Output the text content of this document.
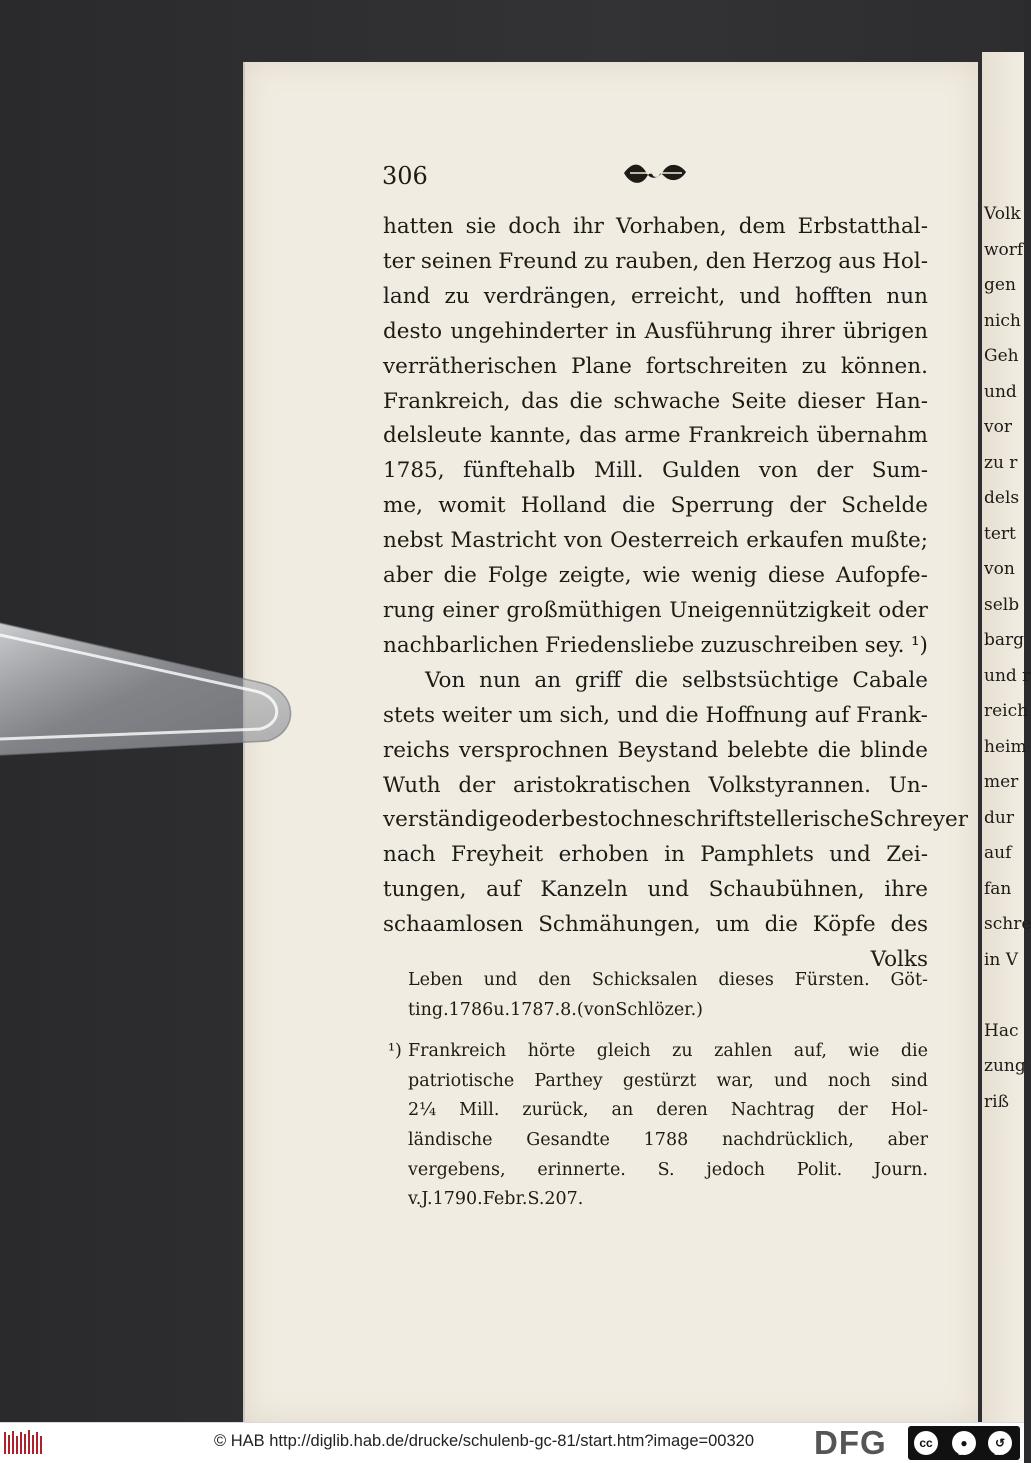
Volk
worf
gen
nich
Geh
und
vor
zu r
dels
tert
von
selb
barg
und r
reich
heim
mer
dur
auf
fan
schre
in V

Hac
zung
riß
306
hatten sie doch ihr Vorhaben, dem Erbstatthal-
ter seinen Freund zu rauben, den Herzog aus Hol-
land zu verdrängen, erreicht, und hofften nun
desto ungehinderter in Ausführung ihrer übrigen
verrätherischen Plane fortschreiten zu können.
Frankreich, das die schwache Seite dieser Han-
delsleute kannte, das arme Frankreich übernahm
1785, fünftehalb Mill. Gulden von der Sum-
me, womit Holland die Sperrung der Schelde
nebst Mastricht von Oesterreich erkaufen mußte;
aber die Folge zeigte, wie wenig diese Aufopfe-
rung einer großmüthigen Uneigennützigkeit oder
nachbarlichen Friedensliebe zuzuschreiben sey. ¹)
Von nun an griff die selbstsüchtige Cabale
stets weiter um sich, und die Hoffnung auf Frank-
reichs versprochnen Beystand belebte die blinde
Wuth der aristokratischen Volkstyrannen. Un-
verständige oder bestochne schriftstellerische Schreyer
nach Freyheit erhoben in Pamphlets und Zei-
tungen, auf Kanzeln und Schaubühnen, ihre
schaamlosen Schmähungen, um die Köpfe des
Volks
Leben und den Schicksalen dieses Fürsten. Göt-
ting. 1786 u. 1787. 8. (von Schlözer.)
¹) Frankreich hörte gleich zu zahlen auf, wie die
patriotische Parthey gestürzt war, und noch sind
2¼ Mill. zurück, an deren Nachtrag der Hol-
ländische Gesandte 1788 nachdrücklich, aber
vergebens, erinnerte. S. jedoch Polit. Journ.
v. J. 1790. Febr. S. 207.
© HAB http://diglib.hab.de/drucke/schulenb-gc-81/start.htm?image=00320 DFG	cc	●	↺
BY	SA
